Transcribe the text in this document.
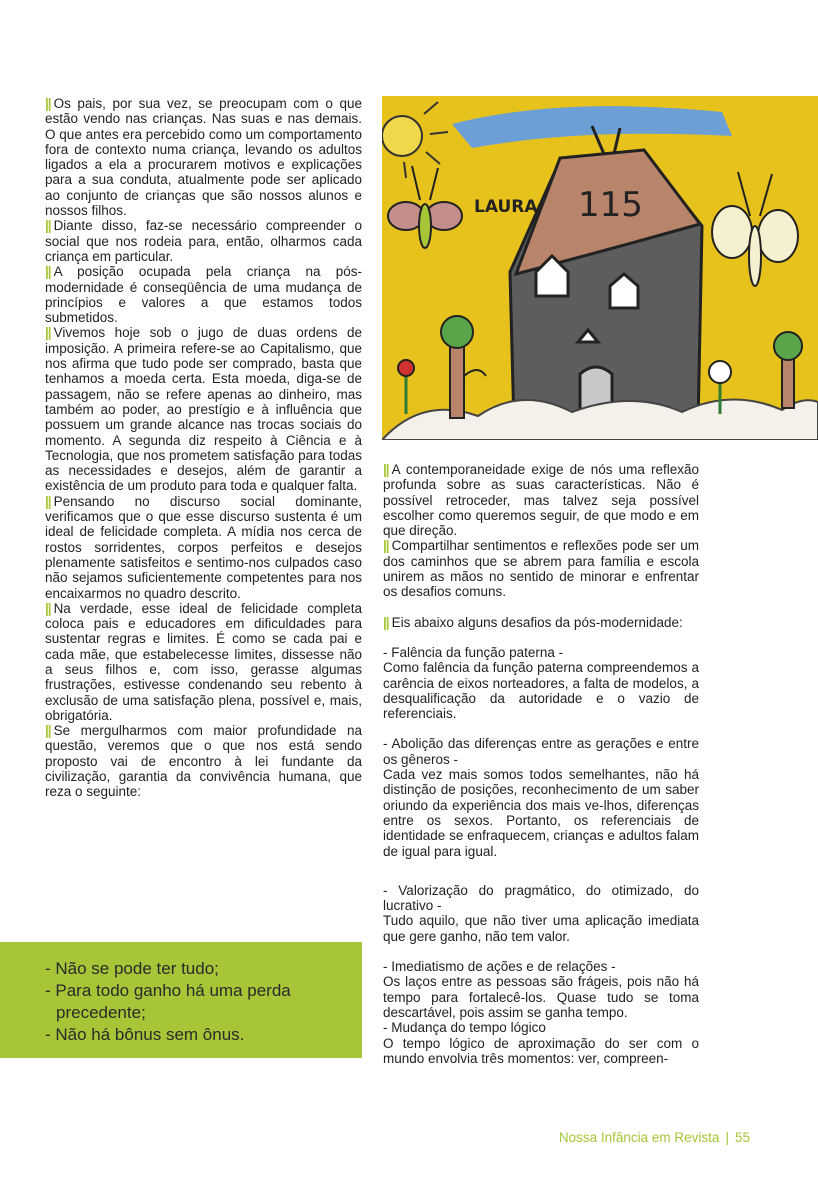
|| Os pais, por sua vez, se preocupam com o que estão vendo nas crianças. Nas suas e nas demais. O que antes era percebido como um comportamento fora de contexto numa criança, levando os adultos ligados a ela a procurarem motivos e explicações para a sua conduta, atualmente pode ser aplicado ao conjunto de crianças que são nossos alunos e nossos filhos.

|| Diante disso, faz-se necessário compreender o social que nos rodeia para, então, olharmos cada criança em particular.

|| A posição ocupada pela criança na pós-modernidade é conseqüência de uma mudança de princípios e valores a que estamos todos submetidos.

|| Vivemos hoje sob o jugo de duas ordens de imposição. A primeira refere-se ao Capitalismo, que nos afirma que tudo pode ser comprado, basta que tenhamos a moeda certa. Esta moeda, diga-se de passagem, não se refere apenas ao dinheiro, mas também ao poder, ao prestígio e à influência que possuem um grande alcance nas trocas sociais do momento. A segunda diz respeito à Ciência e à Tecnologia, que nos prometem satisfação para todas as necessidades e desejos, além de garantir a existência de um produto para toda e qualquer falta.

|| Pensando no discurso social dominante, verificamos que o que esse discurso sustenta é um ideal de felicidade completa. A mídia nos cerca de rostos sorridentes, corpos perfeitos e desejos plenamente satisfeitos e sentimo-nos culpados caso não sejamos suficientemente competentes para nos encaixarmos no quadro descrito.

|| Na verdade, esse ideal de felicidade completa coloca pais e educadores em dificuldades para sustentar regras e limites. É como se cada pai e cada mãe, que estabelecesse limites, dissesse não a seus filhos e, com isso, gerasse algumas frustrações, estivesse condenando seu rebento à exclusão de uma satisfação plena, possível e, mais, obrigatória.

|| Se mergulharmos com maior profundidade na questão, veremos que o que nos está sendo proposto vai de encontro à lei fundante da civilização, garantia da convivência humana, que reza o seguinte:

- Não se pode ter tudo;
- Para todo ganho há uma perda precedente;
- Não há bônus sem ônus.
115
LAURA

|| A contemporaneidade exige de nós uma reflexão profunda sobre as suas características. Não é possível retroceder, mas talvez seja possível escolher como queremos seguir, de que modo e em que direção.

|| Compartilhar sentimentos e reflexões pode ser um dos caminhos que se abrem para família e escola unirem as mãos no sentido de minorar e enfrentar os desafios comuns.

|| Eis abaixo alguns desafios da pós-modernidade:

- Falência da função paterna -

Como falência da função paterna compreendemos a carência de eixos norteadores, a falta de modelos, a desqualificação da autoridade e o vazio de referenciais.

- Abolição das diferenças entre as gerações e entre os gêneros -

Cada vez mais somos todos semelhantes, não há distinção de posições, reconhecimento de um saber oriundo da experiência dos mais ve-lhos, diferenças entre os sexos. Portanto, os referenciais de identidade se enfraquecem, crianças e adultos falam de igual para igual.

- Valorização do pragmático, do otimizado, do lucrativo -

Tudo aquilo, que não tiver uma aplicação imediata que gere ganho, não tem valor.

- Imediatismo de ações e de relações -

Os laços entre as pessoas são frágeis, pois não há tempo para fortalecê-los. Quase tudo se toma descartável, pois assim se ganha tempo.

- Mudança do tempo lógico

O tempo lógico de aproximação do ser com o mundo envolvia três momentos: ver, compreen-

Nossa Infância em Revista | 55
